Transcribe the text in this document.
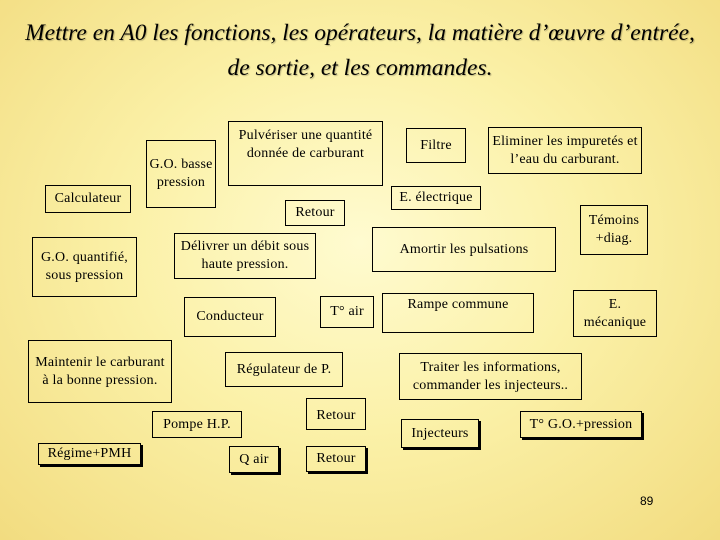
Mettre en A0 les fonctions, les opérateurs, la matière d’œuvre d’entrée, de sortie, et les commandes.
Calculateur
G.O. basse pression
Pulvériser une quantité donnée de carburant
Filtre	Eliminer les impuretés et l’eau du carburant.
E. électrique
Retour
Témoins +diag.
G.O. quantifié, sous pression
Délivrer un débit sous haute pression.
Amortir les pulsations
Conducteur	T° air	Rampe commune	E. mécanique
Maintenir le carburant à la bonne pression.
Régulateur de P.	Traiter les informations, commander les injecteurs..
Pompe H.P.
Retour
Injecteurs
T° G.O.+pression
Régime+PMH	Q air	Retour
89
